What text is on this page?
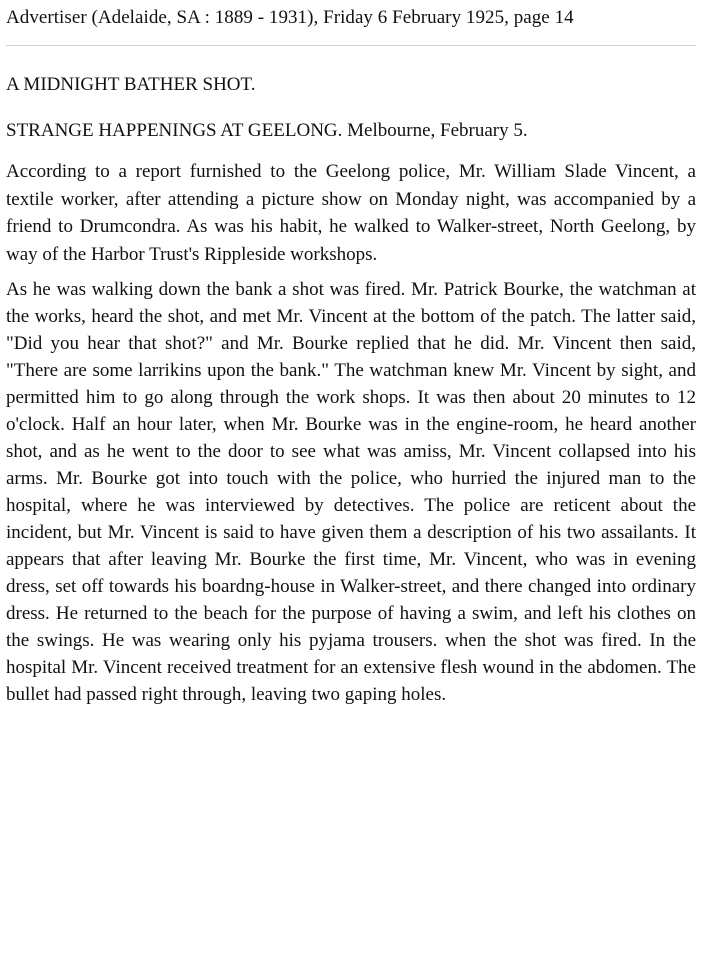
Advertiser (Adelaide, SA : 1889 - 1931), Friday 6 February 1925, page 14

A MIDNIGHT BATHER SHOT.
STRANGE HAPPENINGS AT GEELONG. Melbourne, February 5.

According to a report furnished to the Geelong police, Mr. William Slade Vincent, a textile worker, after attending a picture show on Monday night, was accompanied by a friend to Drumcondra. As was his habit, he walked to Walker-street, North Geelong, by way of the Harbor Trust's Rippleside workshops.

As he was walking down the bank a shot was fired. Mr. Patrick Bourke, the watchman at the works, heard the shot, and met Mr. Vincent at the bottom of the patch. The latter said, "Did you hear that shot?" and Mr. Bourke replied that he did. Mr. Vincent then said, "There are some larrikins upon the bank." The watchman knew Mr. Vincent by sight, and permitted him to go along through the work shops. It was then about 20 minutes to 12 o'clock. Half an hour later, when Mr. Bourke was in the engine-room, he heard another shot, and as he went to the door to see what was amiss, Mr. Vincent collapsed into his arms. Mr. Bourke got into touch with the police, who hurried the injured man to the hospital, where he was interviewed by detectives. The police are reticent about the incident, but Mr. Vincent is said to have given them a description of his two assailants. It appears that after leaving Mr. Bourke the first time, Mr. Vincent, who was in evening dress, set off towards his boardng-house in Walker-street, and there changed into ordinary dress. He returned to the beach for the purpose of having a swim, and left his clothes on the swings. He was wearing only his pyjama trousers. when the shot was fired. In the hospital Mr. Vincent received treatment for an extensive flesh wound in the abdomen. The bullet had passed right through, leaving two gaping holes.
